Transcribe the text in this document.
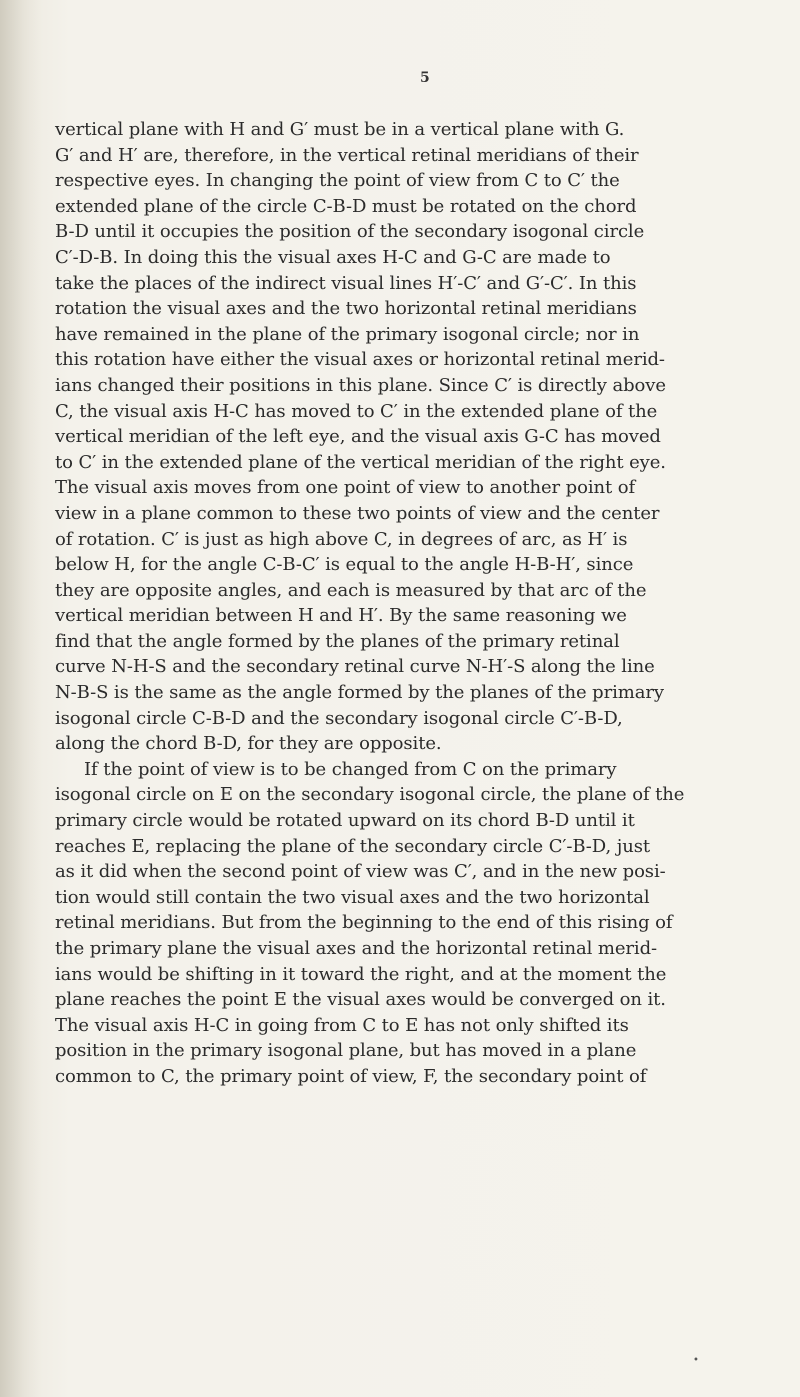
5

vertical plane with H and G′ must be in a vertical plane with G.
G′ and H′ are, therefore, in the vertical retinal meridians of their
respective eyes. In changing the point of view from C to C′ the
extended plane of the circle C-B-D must be rotated on the chord
B-D until it occupies the position of the secondary isogonal circle
C′-D-B. In doing this the visual axes H-C and G-C are made to
take the places of the indirect visual lines H′-C′ and G′-C′. In this
rotation the visual axes and the two horizontal retinal meridians
have remained in the plane of the primary isogonal circle; nor in
this rotation have either the visual axes or horizontal retinal merid-
ians changed their positions in this plane. Since C′ is directly above
C, the visual axis H-C has moved to C′ in the extended plane of the
vertical meridian of the left eye, and the visual axis G-C has moved
to C′ in the extended plane of the vertical meridian of the right eye.
The visual axis moves from one point of view to another point of
view in a plane common to these two points of view and the center
of rotation. C′ is just as high above C, in degrees of arc, as H′ is
below H, for the angle C-B-C′ is equal to the angle H-B-H′, since
they are opposite angles, and each is measured by that arc of the
vertical meridian between H and H′. By the same reasoning we
find that the angle formed by the planes of the primary retinal
curve N-H-S and the secondary retinal curve N-H′-S along the line
N-B-S is the same as the angle formed by the planes of the primary
isogonal circle C-B-D and the secondary isogonal circle C′-B-D,
along the chord B-D, for they are opposite.
If the point of view is to be changed from C on the primary
isogonal circle on E on the secondary isogonal circle, the plane of the
primary circle would be rotated upward on its chord B-D until it
reaches E, replacing the plane of the secondary circle C′-B-D, just
as it did when the second point of view was C′, and in the new posi-
tion would still contain the two visual axes and the two horizontal
retinal meridians. But from the beginning to the end of this rising of
the primary plane the visual axes and the horizontal retinal merid-
ians would be shifting in it toward the right, and at the moment the
plane reaches the point E the visual axes would be converged on it.
The visual axis H-C in going from C to E has not only shifted its
position in the primary isogonal plane, but has moved in a plane
common to C, the primary point of view, F, the secondary point of
•
